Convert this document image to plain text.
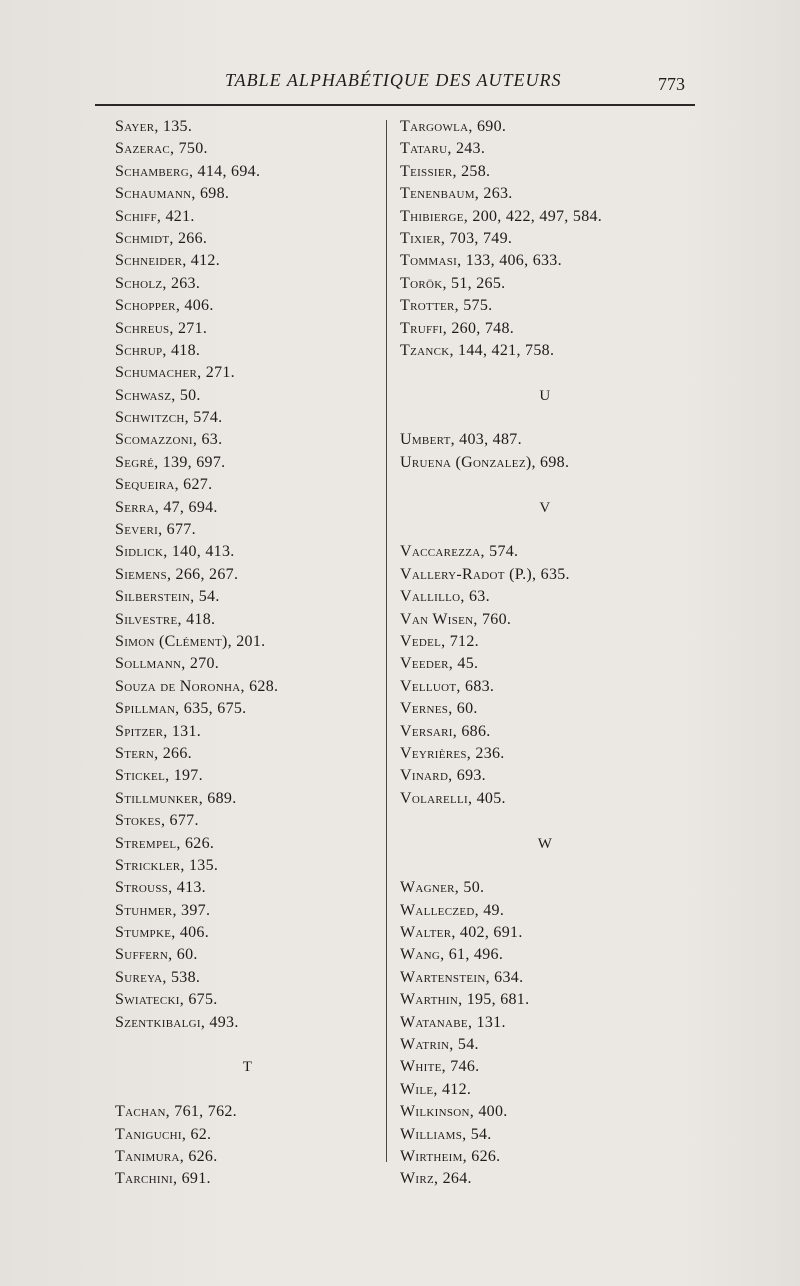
TABLE ALPHABÉTIQUE DES AUTEURS	773
Sayer, 135.
Sazerac, 750.
Schamberg, 414, 694.
Schaumann, 698.
Schiff, 421.
Schmidt, 266.
Schneider, 412.
Scholz, 263.
Schopper, 406.
Schreus, 271.
Schrup, 418.
Schumacher, 271.
Schwasz, 50.
Schwitzch, 574.
Scomazzoni, 63.
Segré, 139, 697.
Sequeira, 627.
Serra, 47, 694.
Severi, 677.
Sidlick, 140, 413.
Siemens, 266, 267.
Silberstein, 54.
Silvestre, 418.
Simon (Clément), 201.
Sollmann, 270.
Souza de Noronha, 628.
Spillman, 635, 675.
Spitzer, 131.
Stern, 266.
Stickel, 197.
Stillmunker, 689.
Stokes, 677.
Strempel, 626.
Strickler, 135.
Strouss, 413.
Stuhmer, 397.
Stumpke, 406.
Suffern, 60.
Sureya, 538.
Swiatecki, 675.
Szentkibalgi, 493.
T
Tachan, 761, 762.
Taniguchi, 62.
Tanimura, 626.
Tarchini, 691.
Targowla, 690.
Tataru, 243.
Teissier, 258.
Tenenbaum, 263.
Thibierge, 200, 422, 497, 584.
Tixier, 703, 749.
Tommasi, 133, 406, 633.
Torök, 51, 265.
Trotter, 575.
Truffi, 260, 748.
Tzanck, 144, 421, 758.
U
Umbert, 403, 487.
Uruena (Gonzalez), 698.
V
Vaccarezza, 574.
Vallery-Radot (P.), 635.
Vallillo, 63.
Van Wisen, 760.
Vedel, 712.
Veeder, 45.
Velluot, 683.
Vernes, 60.
Versari, 686.
Veyrières, 236.
Vinard, 693.
Volarelli, 405.
W
Wagner, 50.
Walleczed, 49.
Walter, 402, 691.
Wang, 61, 496.
Wartenstein, 634.
Warthin, 195, 681.
Watanabe, 131.
Watrin, 54.
White, 746.
Wile, 412.
Wilkinson, 400.
Williams, 54.
Wirtheim, 626.
Wirz, 264.
